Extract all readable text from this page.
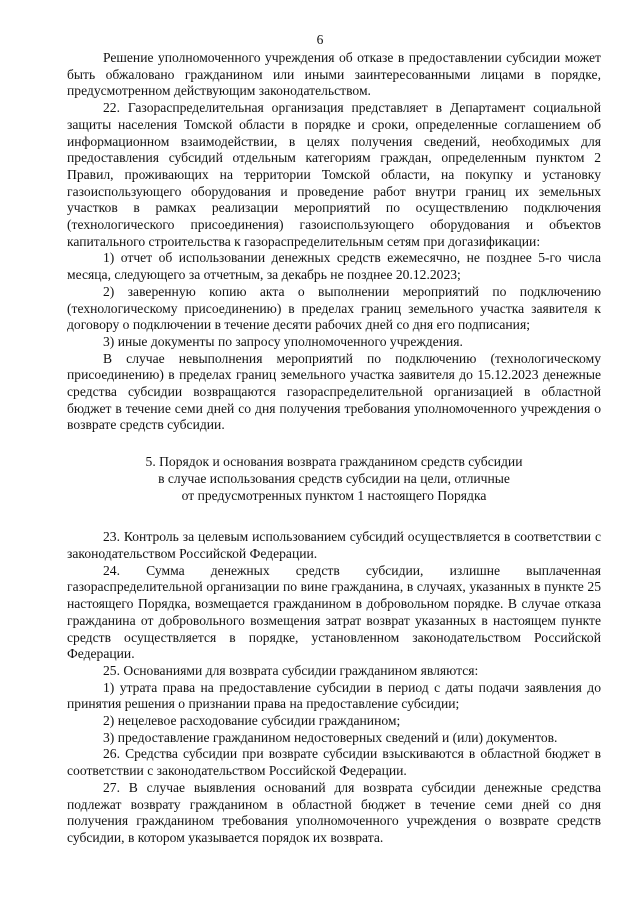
6

Решение уполномоченного учреждения об отказе в предоставлении субсидии может быть обжаловано гражданином или иными заинтересованными лицами в порядке, предусмотренном действующим законодательством.

22. Газораспределительная организация представляет в Департамент социальной защиты населения Томской области в порядке и сроки, определенные соглашением об информационном взаимодействии, в целях получения сведений, необходимых для предоставления субсидий отдельным категориям граждан, определенным пунктом 2 Правил, проживающих на территории Томской области, на покупку и установку газоиспользующего оборудования и проведение работ внутри границ их земельных участков в рамках реализации мероприятий по осуществлению подключения (технологического присоединения) газоиспользующего оборудования и объектов капитального строительства к газораспределительным сетям при догазификации:

1) отчет об использовании денежных средств ежемесячно, не позднее 5-го числа месяца, следующего за отчетным, за декабрь не позднее 20.12.2023;

2) заверенную копию акта о выполнении мероприятий по подключению (технологическому присоединению) в пределах границ земельного участка заявителя к договору о подключении в течение десяти рабочих дней со дня его подписания;

3) иные документы по запросу уполномоченного учреждения.

В случае невыполнения мероприятий по подключению (технологическому присоединению) в пределах границ земельного участка заявителя до 15.12.2023 денежные средства субсидии возвращаются газораспределительной организацией в областной бюджет в течение семи дней со дня получения требования уполномоченного учреждения о возврате средств субсидии.

5. Порядок и основания возврата гражданином средств субсидии
в случае использования средств субсидии на цели, отличные
от предусмотренных пунктом 1 настоящего Порядка

23. Контроль за целевым использованием субсидий осуществляется в соответствии с законодательством Российской Федерации.

24. Сумма денежных средств субсидии, излишне выплаченная газораспределительной организации по вине гражданина, в случаях, указанных в пункте 25 настоящего Порядка, возмещается гражданином в добровольном порядке. В случае отказа гражданина от добровольного возмещения затрат возврат указанных в настоящем пункте средств осуществляется в порядке, установленном законодательством Российской Федерации.

25. Основаниями для возврата субсидии гражданином являются:

1) утрата права на предоставление субсидии в период с даты подачи заявления до принятия решения о признании права на предоставление субсидии;

2) нецелевое расходование субсидии гражданином;

3) предоставление гражданином недостоверных сведений и (или) документов.

26. Средства субсидии при возврате субсидии взыскиваются в областной бюджет в соответствии с законодательством Российской Федерации.

27. В случае выявления оснований для возврата субсидии денежные средства подлежат возврату гражданином в областной бюджет в течение семи дней со дня получения гражданином требования уполномоченного учреждения о возврате средств субсидии, в котором указывается порядок их возврата.
